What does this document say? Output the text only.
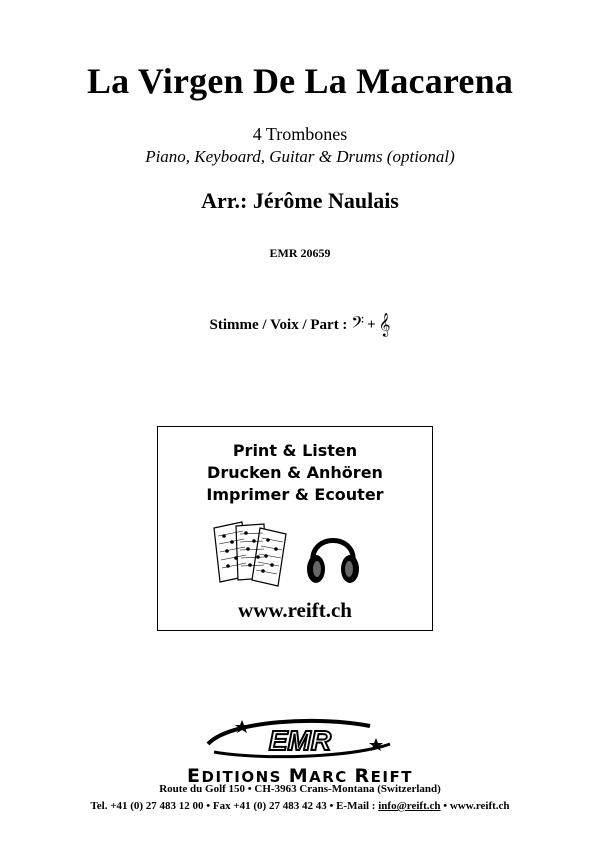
La Virgen De La Macarena
4 Trombones
Piano, Keyboard, Guitar & Drums (optional)
Arr.: Jérôme Naulais
EMR 20659
Stimme / Voix / Part : 𝄢 + 𝄞
Print & Listen
Drucken & Anhören
Imprimer & Ecouter
www.reift.ch
EMR
EDITIONS MARC REIFT
Route du Golf 150 • CH-3963 Crans-Montana (Switzerland)
Tel. +41 (0) 27 483 12 00 • Fax +41 (0) 27 483 42 43 • E-Mail : info@reift.ch • www.reift.ch
